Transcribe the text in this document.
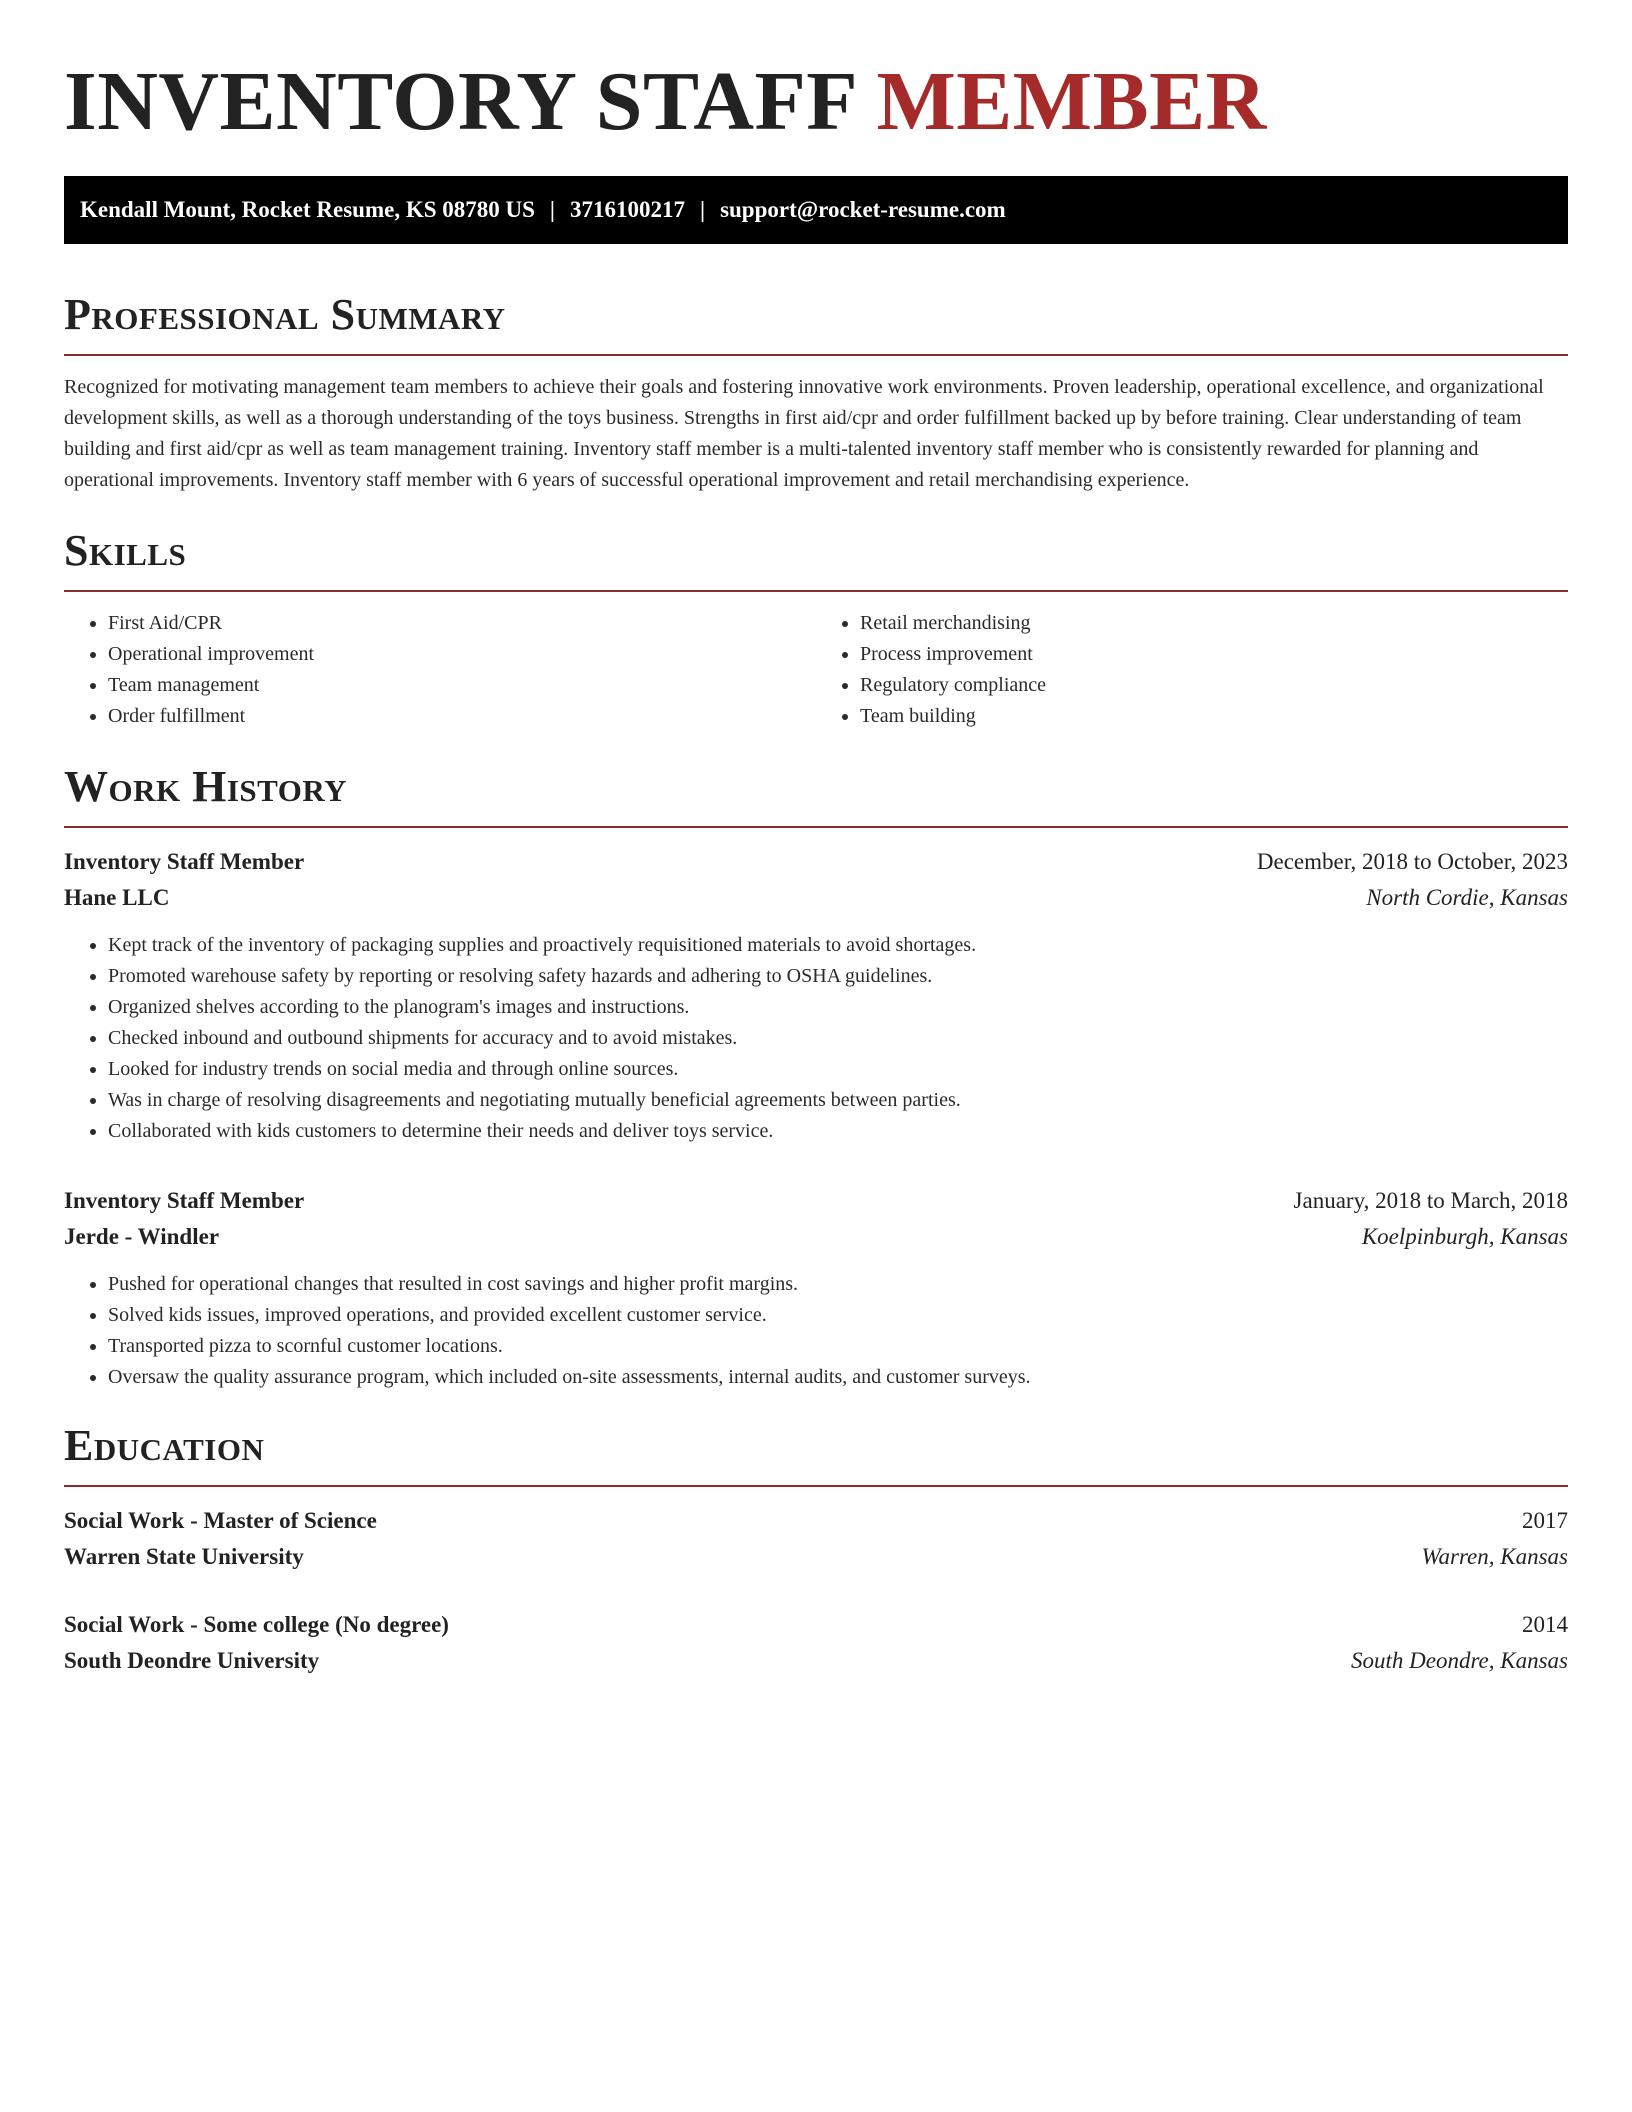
INVENTORY STAFF MEMBER
Kendall Mount, Rocket Resume, KS 08780 US | 3716100217 | support@rocket-resume.com
Professional Summary

Recognized for motivating management team members to achieve their goals and fostering innovative work environments. Proven leadership, operational excellence, and organizational development skills, as well as a thorough understanding of the toys business. Strengths in first aid/cpr and order fulfillment backed up by before training. Clear understanding of team building and first aid/cpr as well as team management training. Inventory staff member is a multi-talented inventory staff member who is consistently rewarded for planning and operational improvements. Inventory staff member with 6 years of successful operational improvement and retail merchandising experience.

Skills
• First Aid/CPR
• Operational improvement
• Team management
• Order fulfillment
• Retail merchandising
• Process improvement
• Regulatory compliance
• Team building
Work History
Inventory Staff Member	December, 2018 to October, 2023
Hane LLC	North Cordie, Kansas
• Kept track of the inventory of packaging supplies and proactively requisitioned materials to avoid shortages.
• Promoted warehouse safety by reporting or resolving safety hazards and adhering to OSHA guidelines.
• Organized shelves according to the planogram's images and instructions.
• Checked inbound and outbound shipments for accuracy and to avoid mistakes.
• Looked for industry trends on social media and through online sources.
• Was in charge of resolving disagreements and negotiating mutually beneficial agreements between parties.
• Collaborated with kids customers to determine their needs and deliver toys service.
Inventory Staff Member	January, 2018 to March, 2018
Jerde - Windler	Koelpinburgh, Kansas
• Pushed for operational changes that resulted in cost savings and higher profit margins.
• Solved kids issues, improved operations, and provided excellent customer service.
• Transported pizza to scornful customer locations.
• Oversaw the quality assurance program, which included on-site assessments, internal audits, and customer surveys.
Education
Social Work - Master of Science	2017
Warren State University	Warren, Kansas
Social Work - Some college (No degree)	2014
South Deondre University	South Deondre, Kansas
